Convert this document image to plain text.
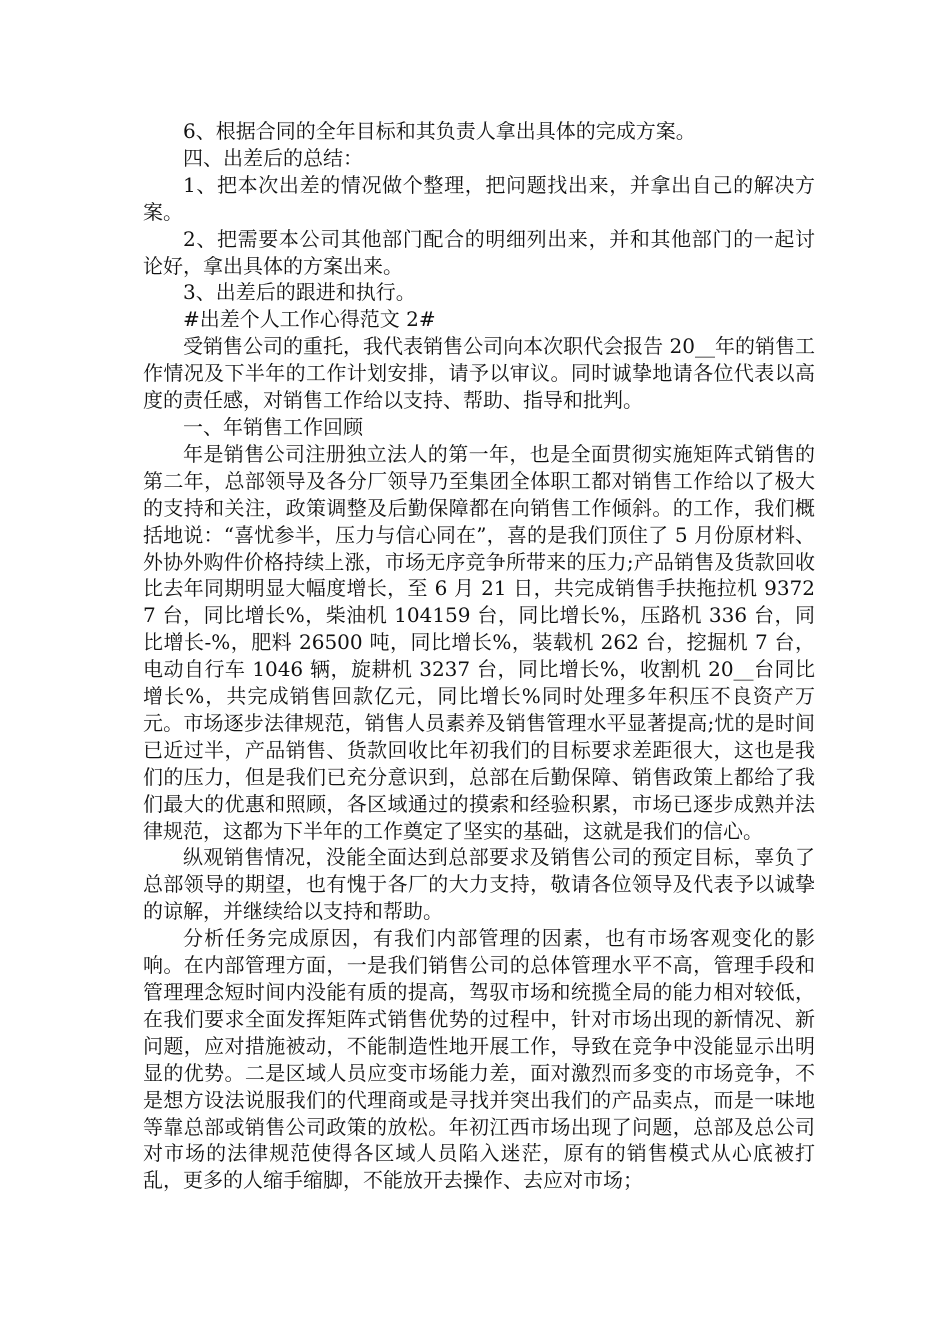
6、根据合同的全年目标和其负责人拿出具体的完成方案。

四、出差后的总结：

1、把本次出差的情况做个整理，把问题找出来，并拿出自己的解决方案。

2、把需要本公司其他部门配合的明细列出来，并和其他部门的一起讨论好，拿出具体的方案出来。

3、出差后的跟进和执行。

#出差个人工作心得范文 2#

受销售公司的重托，我代表销售公司向本次职代会报告 20__年的销售工作情况及下半年的工作计划安排，请予以审议。同时诚挚地请各位代表以高度的责任感，对销售工作给以支持、帮助、指导和批判。

一、年销售工作回顾

年是销售公司注册独立法人的第一年，也是全面贯彻实施矩阵式销售的第二年，总部领导及各分厂领导乃至集团全体职工都对销售工作给以了极大的支持和关注，政策调整及后勤保障都在向销售工作倾斜。的工作，我们概括地说：“喜忧参半，压力与信心同在”，喜的是我们顶住了 5 月份原材料、外协外购件价格持续上涨，市场无序竞争所带来的压力;产品销售及货款回收比去年同期明显大幅度增长，至 6 月 21 日，共完成销售手扶拖拉机 93727 台，同比增长%，柴油机 104159 台，同比增长%，压路机 336 台，同比增长-%，肥料 26500 吨，同比增长%，装载机 262 台，挖掘机 7 台，电动自行车 1046 辆，旋耕机 3237 台，同比增长%，收割机 20__台同比增长%，共完成销售回款亿元，同比增长%同时处理多年积压不良资产万元。市场逐步法律规范，销售人员素养及销售管理水平显著提高;忧的是时间已近过半，产品销售、货款回收比年初我们的目标要求差距很大，这也是我们的压力，但是我们已充分意识到，总部在后勤保障、销售政策上都给了我们最大的优惠和照顾，各区域通过的摸索和经验积累，市场已逐步成熟并法律规范，这都为下半年的工作奠定了坚实的基础，这就是我们的信心。

纵观销售情况，没能全面达到总部要求及销售公司的预定目标，辜负了总部领导的期望，也有愧于各厂的大力支持，敬请各位领导及代表予以诚挚的谅解，并继续给以支持和帮助。

分析任务完成原因，有我们内部管理的因素，也有市场客观变化的影响。在内部管理方面，一是我们销售公司的总体管理水平不高，管理手段和管理理念短时间内没能有质的提高，驾驭市场和统揽全局的能力相对较低，在我们要求全面发挥矩阵式销售优势的过程中，针对市场出现的新情况、新问题，应对措施被动，不能制造性地开展工作，导致在竞争中没能显示出明显的优势。二是区域人员应变市场能力差，面对激烈而多变的市场竞争，不是想方设法说服我们的代理商或是寻找并突出我们的产品卖点，而是一味地等靠总部或销售公司政策的放松。年初江西市场出现了问题，总部及总公司对市场的法律规范使得各区域人员陷入迷茫，原有的销售模式从心底被打乱，更多的人缩手缩脚，不能放开去操作、去应对市场；
